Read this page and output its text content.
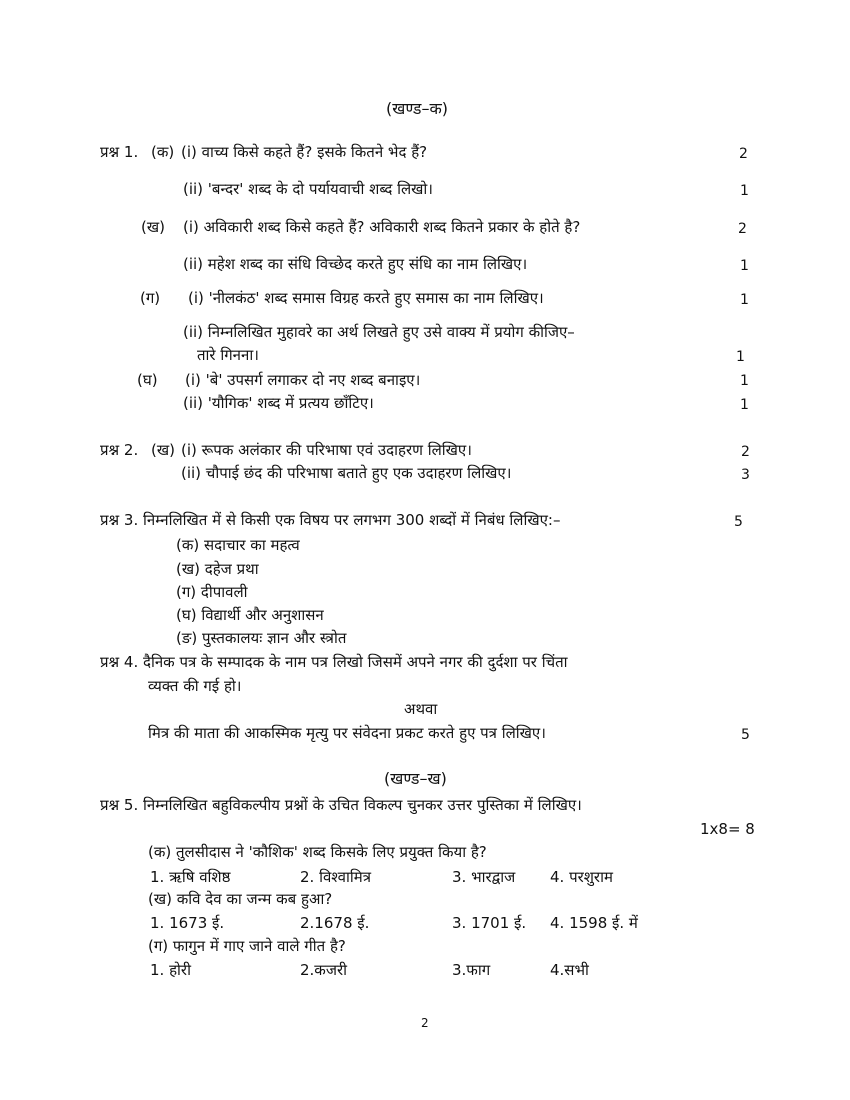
(खण्ड–क)
प्रश्न 1. (क) (i) वाच्य किसे कहते हैं? इसके कितने भेद हैं?	2
(ii) 'बन्दर' शब्द के दो पर्यायवाची शब्द लिखो।	1
(ख) (i) अविकारी शब्द किसे कहते हैं? अविकारी शब्द कितने प्रकार के होते है?	2
(ii) महेश शब्द का संधि विच्छेद करते हुए संधि का नाम लिखिए।	1
(ग) (i) 'नीलकंठ' शब्द समास विग्रह करते हुए समास का नाम लिखिए।	1
(ii) निम्नलिखित मुहावरे का अर्थ लिखते हुए उसे वाक्य में प्रयोग कीजिए–
तारे गिनना।	1
(घ) (i) 'बे' उपसर्ग लगाकर दो नए शब्द बनाइए।	1
(ii) 'यौगिक' शब्द में प्रत्यय छाँटिए।	1
प्रश्न 2. (ख) (i) रूपक अलंकार की परिभाषा एवं उदाहरण लिखिए।	2
(ii) चौपाई छंद की परिभाषा बताते हुए एक उदाहरण लिखिए।	3
प्रश्न 3. निम्नलिखित में से किसी एक विषय पर लगभग 300 शब्दों में निबंध लिखिए:–	5
(क) सदाचार का महत्व
(ख) दहेज प्रथा
(ग) दीपावली
(घ) विद्यार्थी और अनुशासन
(ङ) पुस्तकालयः ज्ञान और स्त्रोत
प्रश्न 4. दैनिक पत्र के सम्पादक के नाम पत्र लिखो जिसमें अपने नगर की दुर्दशा पर चिंता
व्यक्त की गई हो।
अथवा
मित्र की माता की आकस्मिक मृत्यु पर संवेदना प्रकट करते हुए पत्र लिखिए।	5
(खण्ड–ख)
प्रश्न 5. निम्नलिखित बहुविकल्पीय प्रश्नों के उचित विकल्प चुनकर उत्तर पुस्तिका में लिखिए।
1x8= 8
(क) तुलसीदास ने 'कौशिक' शब्द किसके लिए प्रयुक्त किया है?
1. ऋषि वशिष्ठ	2. विश्वामित्र	3. भारद्वाज 4. परशुराम
(ख) कवि देव का जन्म कब हुआ?
1. 1673 ई.	2.1678 ई.	3. 1701 ई. 4. 1598 ई. में
(ग) फागुन में गाए जाने वाले गीत है?
1. होरी	2.कजरी	3.फाग	4.सभी
2
